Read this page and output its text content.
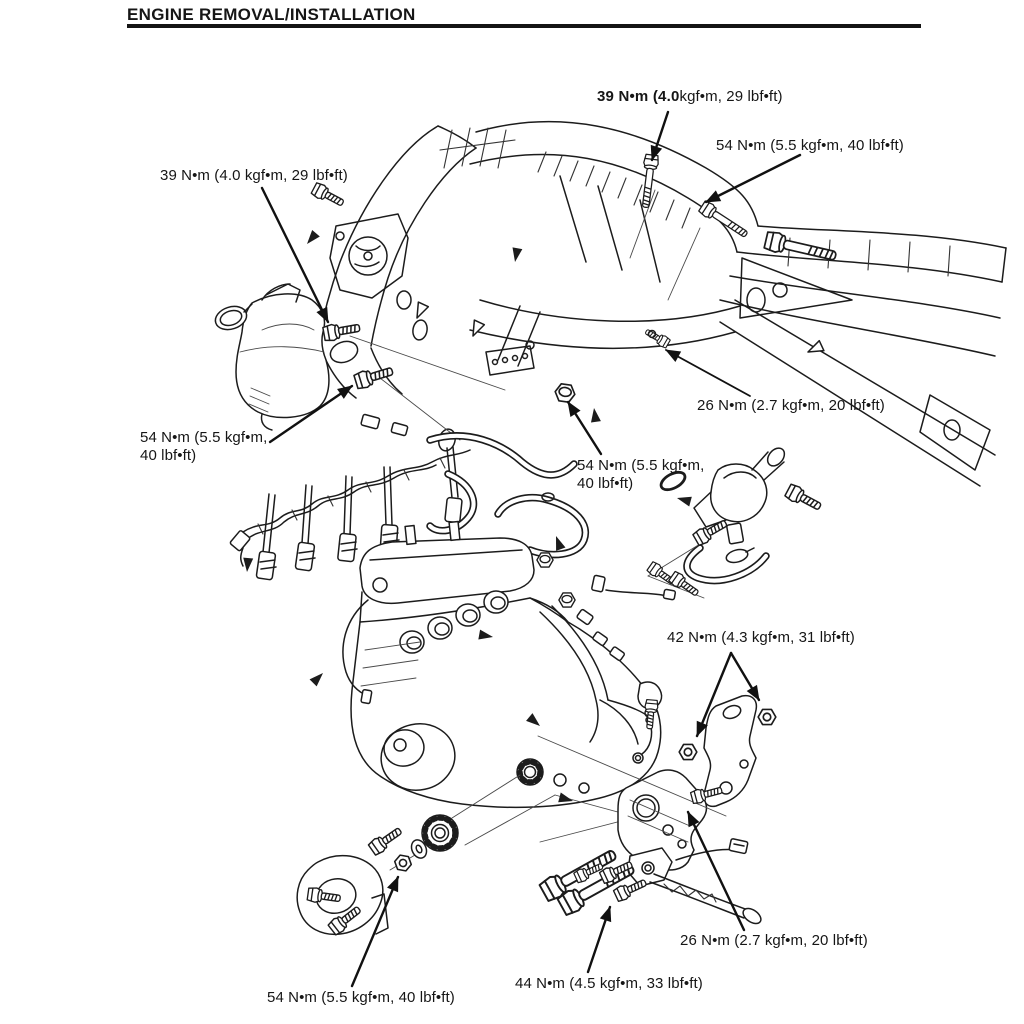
ENGINE REMOVAL/INSTALLATION
39 N•m (4.0kgf•m, 29 lbf•ft)
54 N•m (5.5 kgf•m, 40 lbf•ft)
39 N•m (4.0 kgf•m, 29 lbf•ft)
54 N•m (5.5 kgf•m,
40 lbf•ft)
26 N•m (2.7 kgf•m, 20 lbf•ft)
54 N•m (5.5 kgf•m,
40 lbf•ft)
42 N•m (4.3 kgf•m, 31 lbf•ft)
26 N•m (2.7 kgf•m, 20 lbf•ft)
44 N•m (4.5 kgf•m, 33 lbf•ft)
54 N•m (5.5 kgf•m, 40 lbf•ft)
